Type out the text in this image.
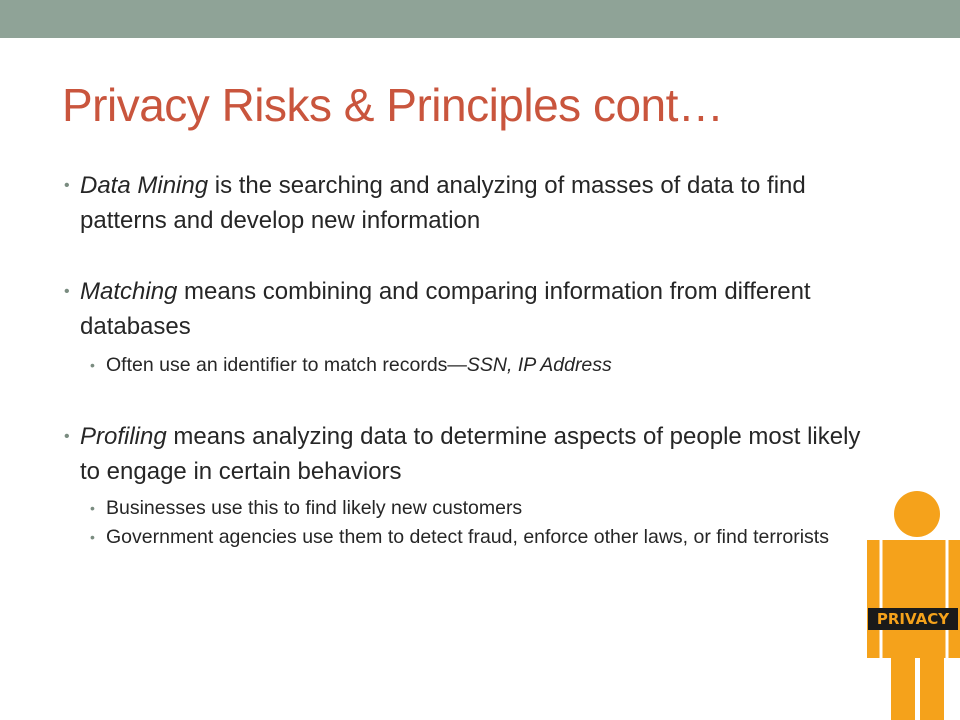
Privacy Risks & Principles cont…
• Data Mining is the searching and analyzing of masses of data to find patterns and develop new information
• Matching means combining and comparing information from different databases
• Often use an identifier to match records—SSN, IP Address
• Profiling means analyzing data to determine aspects of people most likely to engage in certain behaviors
• Businesses use this to find likely new customers
• Government agencies use them to detect fraud, enforce other laws, or find terrorists
PRIVACY
